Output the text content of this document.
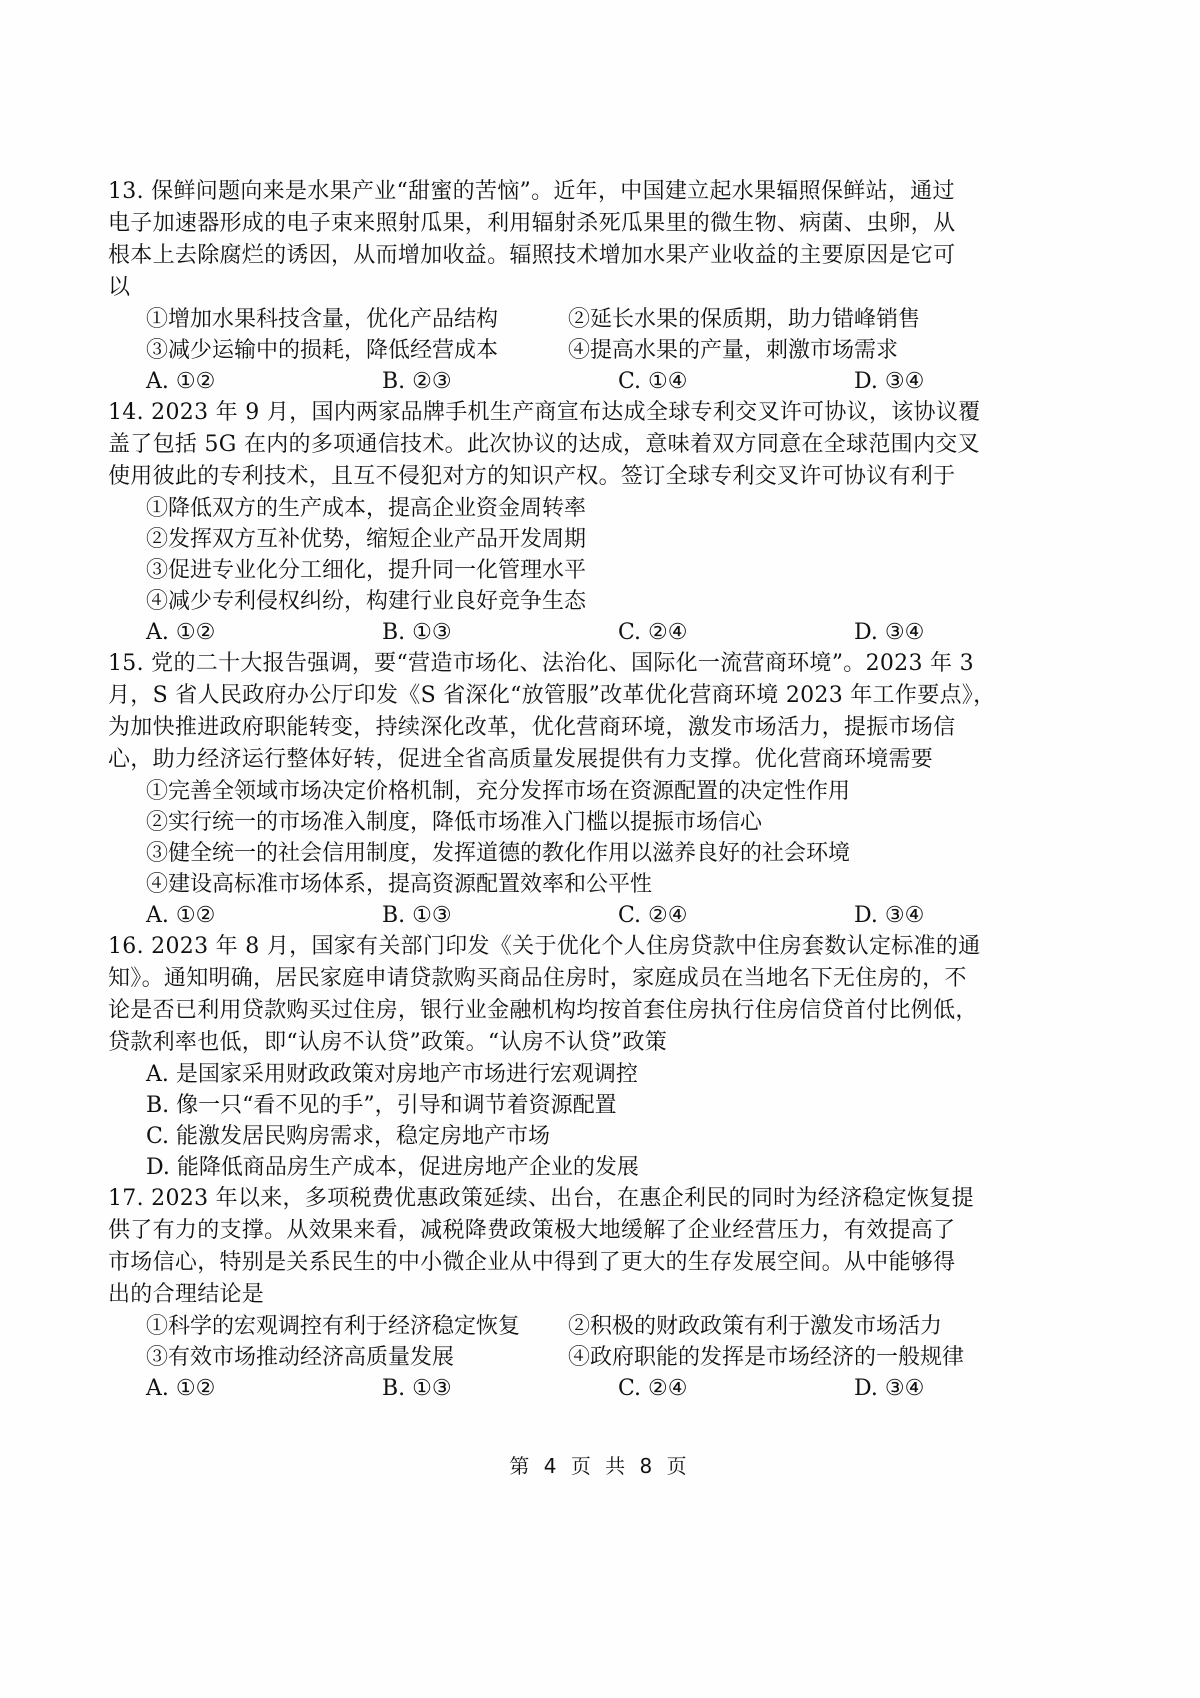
13. 保鲜问题向来是水果产业“甜蜜的苦恼”。近年，中国建立起水果辐照保鲜站，通过
电子加速器形成的电子束来照射瓜果，利用辐射杀死瓜果里的微生物、病菌、虫卵，从
根本上去除腐烂的诱因，从而增加收益。辐照技术增加水果产业收益的主要原因是它可
以

①增加水果科技含量，优化产品结构	②延长水果的保质期，助力错峰销售
③减少运输中的损耗，降低经营成本	④提高水果的产量，刺激市场需求
A. ①②	B. ②③	C. ①④	D. ③④

14. 2023 年 9 月，国内两家品牌手机生产商宣布达成全球专利交叉许可协议，该协议覆
盖了包括 5G 在内的多项通信技术。此次协议的达成，意味着双方同意在全球范围内交叉
使用彼此的专利技术，且互不侵犯对方的知识产权。签订全球专利交叉许可协议有利于

①降低双方的生产成本，提高企业资金周转率
②发挥双方互补优势，缩短企业产品开发周期
③促进专业化分工细化，提升同一化管理水平
④减少专利侵权纠纷，构建行业良好竞争生态
A. ①②	B. ①③	C. ②④	D. ③④

15. 党的二十大报告强调，要“营造市场化、法治化、国际化一流营商环境”。2023 年 3
月，S 省人民政府办公厅印发《S 省深化“放管服”改革优化营商环境 2023 年工作要点》，
为加快推进政府职能转变，持续深化改革，优化营商环境，激发市场活力，提振市场信
心，助力经济运行整体好转，促进全省高质量发展提供有力支撑。优化营商环境需要

①完善全领域市场决定价格机制，充分发挥市场在资源配置的决定性作用
②实行统一的市场准入制度，降低市场准入门槛以提振市场信心
③健全统一的社会信用制度，发挥道德的教化作用以滋养良好的社会环境
④建设高标准市场体系，提高资源配置效率和公平性
A. ①②	B. ①③	C. ②④	D. ③④

16. 2023 年 8 月，国家有关部门印发《关于优化个人住房贷款中住房套数认定标准的通
知》。通知明确，居民家庭申请贷款购买商品住房时，家庭成员在当地名下无住房的，不
论是否已利用贷款购买过住房，银行业金融机构均按首套住房执行住房信贷首付比例低，
贷款利率也低，即“认房不认贷”政策。“认房不认贷”政策

A. 是国家采用财政政策对房地产市场进行宏观调控
B. 像一只“看不见的手”，引导和调节着资源配置
C. 能激发居民购房需求，稳定房地产市场
D. 能降低商品房生产成本，促进房地产企业的发展

17. 2023 年以来，多项税费优惠政策延续、出台，在惠企利民的同时为经济稳定恢复提
供了有力的支撑。从效果来看，减税降费政策极大地缓解了企业经营压力，有效提高了
市场信心，特别是关系民生的中小微企业从中得到了更大的生存发展空间。从中能够得
出的合理结论是

①科学的宏观调控有利于经济稳定恢复	②积极的财政政策有利于激发市场活力
③有效市场推动经济高质量发展	④政府职能的发挥是市场经济的一般规律
A. ①②	B. ①③	C. ②④	D. ③④
第 4 页 共 8 页
